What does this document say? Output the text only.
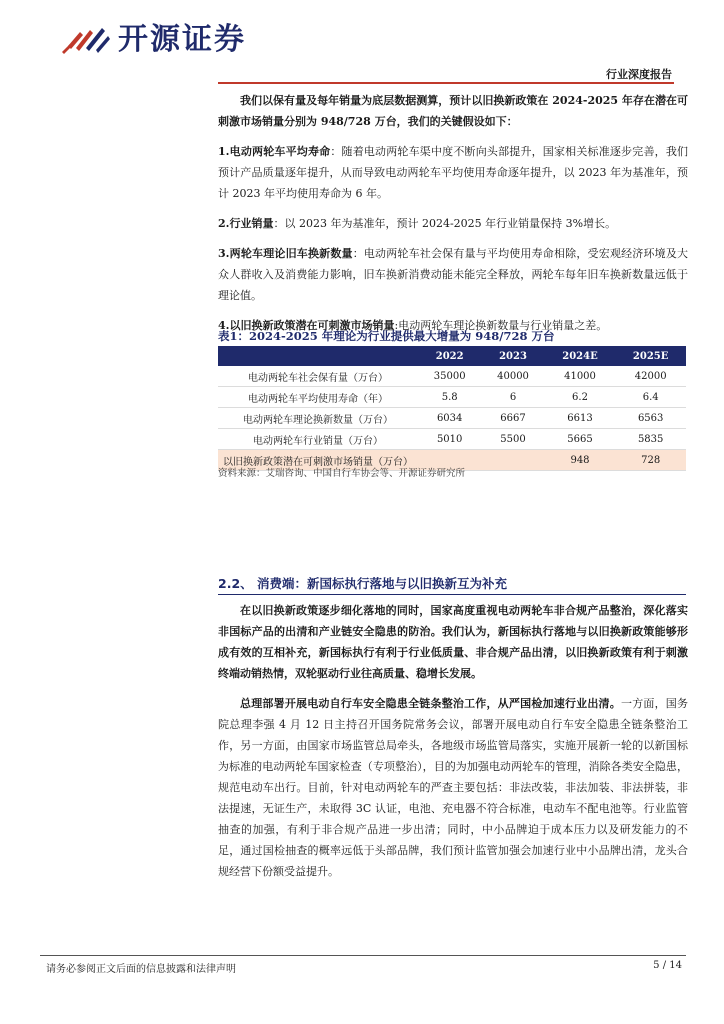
开源证券
行业深度报告

我们以保有量及每年销量为底层数据测算，预计以旧换新政策在 2024-2025 年存在潜在可刺激市场销量分别为 948/728 万台，我们的关键假设如下：

1.电动两轮车平均寿命：随着电动两轮车渠中度不断向头部提升，国家相关标准逐步完善，我们预计产品质量逐年提升，从而导致电动两轮车平均使用寿命逐年提升，以 2023 年为基准年，预计 2023 年平均使用寿命为 6 年。

2.行业销量：以 2023 年为基准年，预计 2024-2025 年行业销量保持 3%增长。

3.两轮车理论旧车换新数量：电动两轮车社会保有量与平均使用寿命相除，受宏观经济环境及大众人群收入及消费能力影响，旧车换新消费动能未能完全释放，两轮车每年旧车换新数量远低于理论值。

4.以旧换新政策潜在可刺激市场销量:电动两轮车理论换新数量与行业销量之差。

表1：2024-2025 年理论为行业提供最大增量为 948/728 万台
	2022	2023	2024E	2025E
电动两轮车社会保有量（万台）	35000	40000	41000	42000
电动两轮车平均使用寿命（年）	5.8	6	6.2	6.4
电动两轮车理论换新数量（万台）	6034	6667	6613	6563
电动两轮车行业销量（万台）	5010	5500	5665	5835
以旧换新政策潜在可刺激市场销量（万台）			948	728
资料来源：艾瑞咨询、中国自行车协会等、开源证券研究所
2.2、 消费端：新国标执行落地与以旧换新互为补充

在以旧换新政策逐步细化落地的同时，国家高度重视电动两轮车非合规产品整治，深化落实非国标产品的出清和产业链安全隐患的防治。我们认为，新国标执行落地与以旧换新政策能够形成有效的互相补充，新国标执行有利于行业低质量、非合规产品出清，以旧换新政策有利于刺激终端动销热情，双轮驱动行业往高质量、稳增长发展。

总理部署开展电动自行车安全隐患全链条整治工作，从严国检加速行业出清。一方面，国务院总理李强 4 月 12 日主持召开国务院常务会议，部署开展电动自行车安全隐患全链条整治工作，另一方面，由国家市场监管总局牵头，各地级市场监管局落实，实施开展新一轮的以新国标为标准的电动两轮车国家检查（专项整治），目的为加强电动两轮车的管理，消除各类安全隐患，规范电动车出行。目前，针对电动两轮车的严查主要包括：非法改装，非法加装、非法拼装，非法提速，无证生产，未取得 3C 认证，电池、充电器不符合标准，电动车不配电池等。行业监管抽查的加强，有利于非合规产品进一步出清；同时，中小品牌迫于成本压力以及研发能力的不足，通过国检抽查的概率远低于头部品牌，我们预计监管加强会加速行业中小品牌出清，龙头合规经营下份额受益提升。

请务必参阅正文后面的信息披露和法律声明	5 / 14
